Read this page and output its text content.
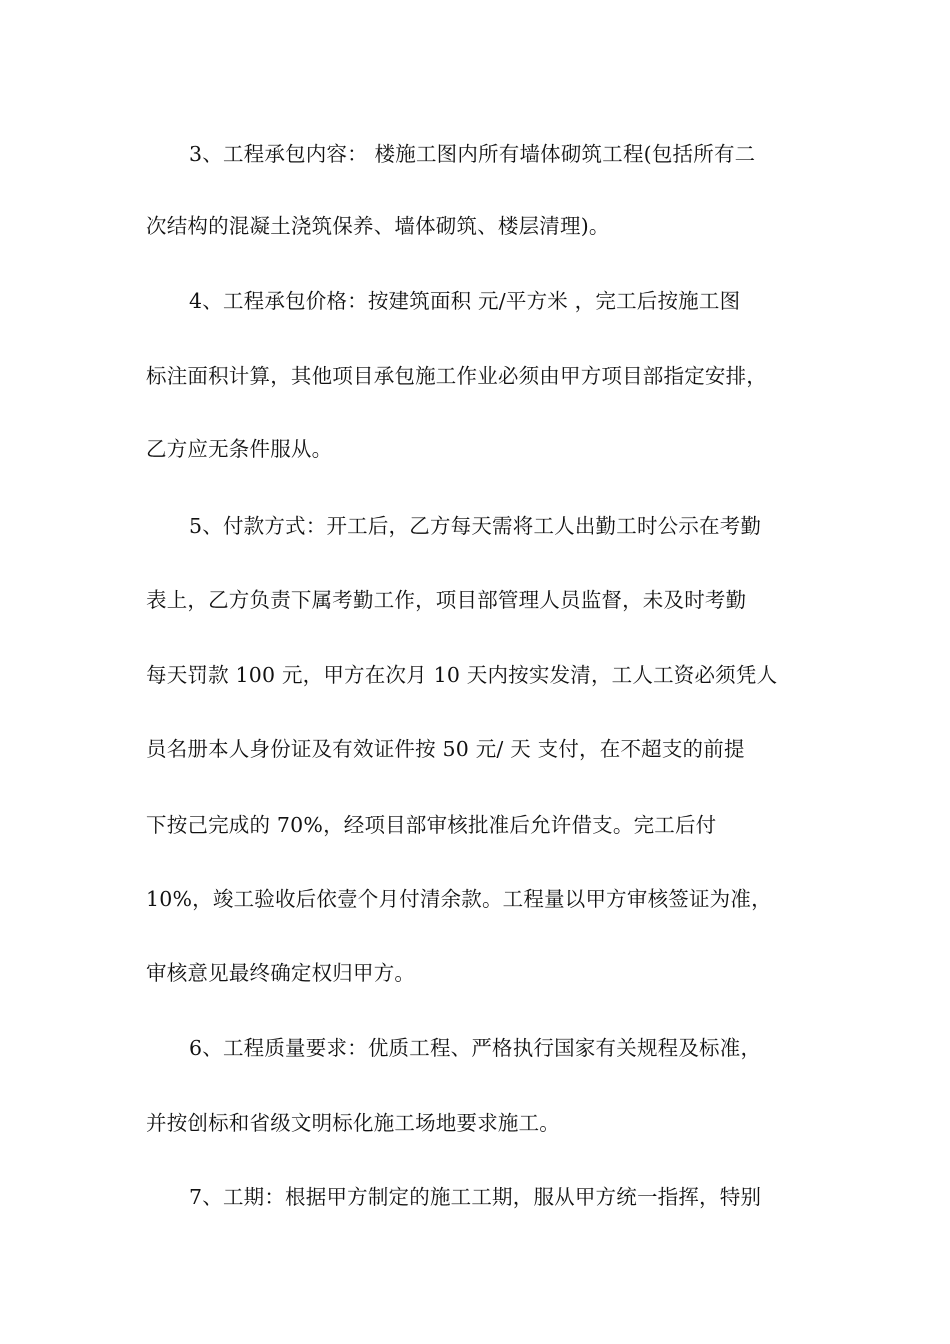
3、工程承包内容： 楼施工图内所有墙体砌筑工程(包括所有二
次结构的混凝土浇筑保养、墙体砌筑、楼层清理)。
4、工程承包价格：按建筑面积 元/平方米 ，完工后按施工图
标注面积计算，其他项目承包施工作业必须由甲方项目部指定安排，
乙方应无条件服从。
5、付款方式：开工后，乙方每天需将工人出勤工时公示在考勤
表上，乙方负责下属考勤工作，项目部管理人员监督，未及时考勤
每天罚款 100 元，甲方在次月 10 天内按实发清，工人工资必须凭人
员名册本人身份证及有效证件按 50 元/ 天 支付，在不超支的前提
下按己完成的 70%，经项目部审核批准后允许借支。完工后付
10%，竣工验收后依壹个月付清余款。工程量以甲方审核签证为准，
审核意见最终确定权归甲方。
6、工程质量要求：优质工程、严格执行国家有关规程及标准，
并按创标和省级文明标化施工场地要求施工。
7、工期：根据甲方制定的施工工期，服从甲方统一指挥，特别
